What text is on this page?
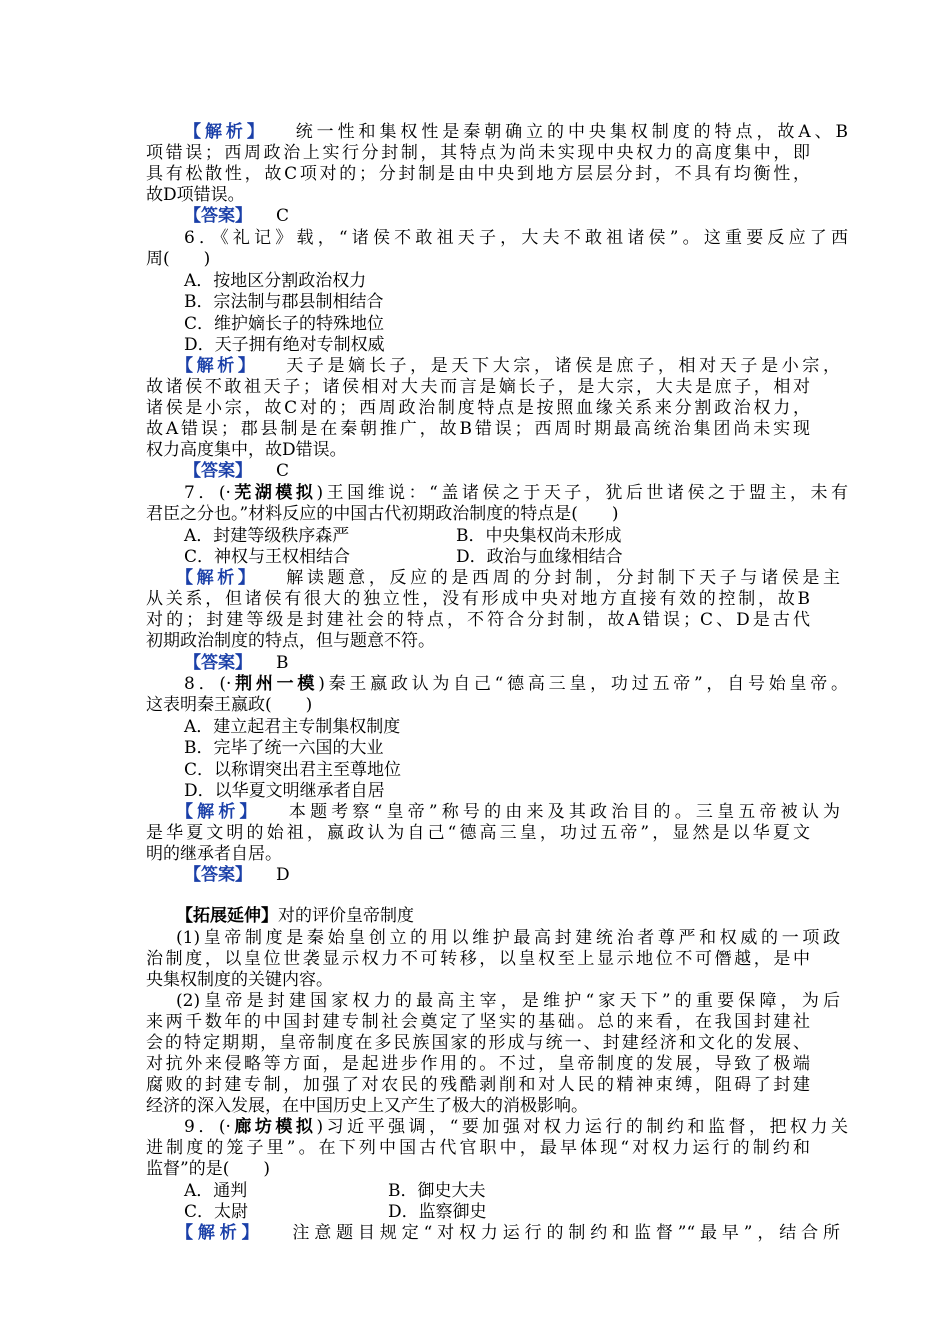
【解析】 统一性和集权性是秦朝确立的中央集权制度的特点，故A、B
项错误；西周政治上实行分封制，其特点为尚未实现中央权力的高度集中，即
具有松散性，故C项对的；分封制是由中央到地方层层分封，不具有均衡性，
故D项错误。
【答案】 C
6．《礼记》载，“诸侯不敢祖天子，大夫不敢祖诸侯”。这重要反应了西
周(　　)
A．按地区分割政治权力
B．宗法制与郡县制相结合
C．维护嫡长子的特殊地位
D．天子拥有绝对专制权威
【解析】 天子是嫡长子，是天下大宗，诸侯是庶子，相对天子是小宗，
故诸侯不敢祖天子；诸侯相对大夫而言是嫡长子，是大宗，大夫是庶子，相对
诸侯是小宗，故C对的；西周政治制度特点是按照血缘关系来分割政治权力，
故A错误；郡县制是在秦朝推广，故B错误；西周时期最高统治集团尚未实现
权力高度集中，故D错误。
【答案】 C
7．(·芜湖模拟)王国维说：“盖诸侯之于天子，犹后世诸侯之于盟主，未有
君臣之分也。”材料反应的中国古代初期政治制度的特点是(　　)
A．封建等级秩序森严	B．中央集权尚未形成
C．神权与王权相结合	D．政治与血缘相结合
【解析】 解读题意，反应的是西周的分封制，分封制下天子与诸侯是主
从关系，但诸侯有很大的独立性，没有形成中央对地方直接有效的控制，故B
对的；封建等级是封建社会的特点，不符合分封制，故A错误；C、D是古代
初期政治制度的特点，但与题意不符。
【答案】 B
8．(·荆州一模)秦王嬴政认为自己“德高三皇，功过五帝”，自号始皇帝。
这表明秦王嬴政(　　)
A．建立起君主专制集权制度
B．完毕了统一六国的大业
C．以称谓突出君主至尊地位
D．以华夏文明继承者自居
【解析】 本题考察“皇帝”称号的由来及其政治目的。三皇五帝被认为
是华夏文明的始祖，嬴政认为自己“德高三皇，功过五帝”，显然是以华夏文
明的继承者自居。
【答案】 D
【拓展延伸】对的评价皇帝制度
(1)皇帝制度是秦始皇创立的用以维护最高封建统治者尊严和权威的一项政
治制度，以皇位世袭显示权力不可转移，以皇权至上显示地位不可僭越，是中
央集权制度的关键内容。
(2)皇帝是封建国家权力的最高主宰，是维护“家天下”的重要保障，为后
来两千数年的中国封建专制社会奠定了坚实的基础。总的来看，在我国封建社
会的特定期期，皇帝制度在多民族国家的形成与统一、封建经济和文化的发展、
对抗外来侵略等方面，是起进步作用的。不过，皇帝制度的发展，导致了极端
腐败的封建专制，加强了对农民的残酷剥削和对人民的精神束缚，阻碍了封建
经济的深入发展，在中国历史上又产生了极大的消极影响。
9．(·廊坊模拟)习近平强调，“要加强对权力运行的制约和监督，把权力关
进制度的笼子里”。在下列中国古代官职中，最早体现“对权力运行的制约和
监督”的是(　　)
A．通判	B．御史大夫
C．太尉	D．监察御史
【解析】 注意题目规定“对权力运行的制约和监督”“最早”，结合所
